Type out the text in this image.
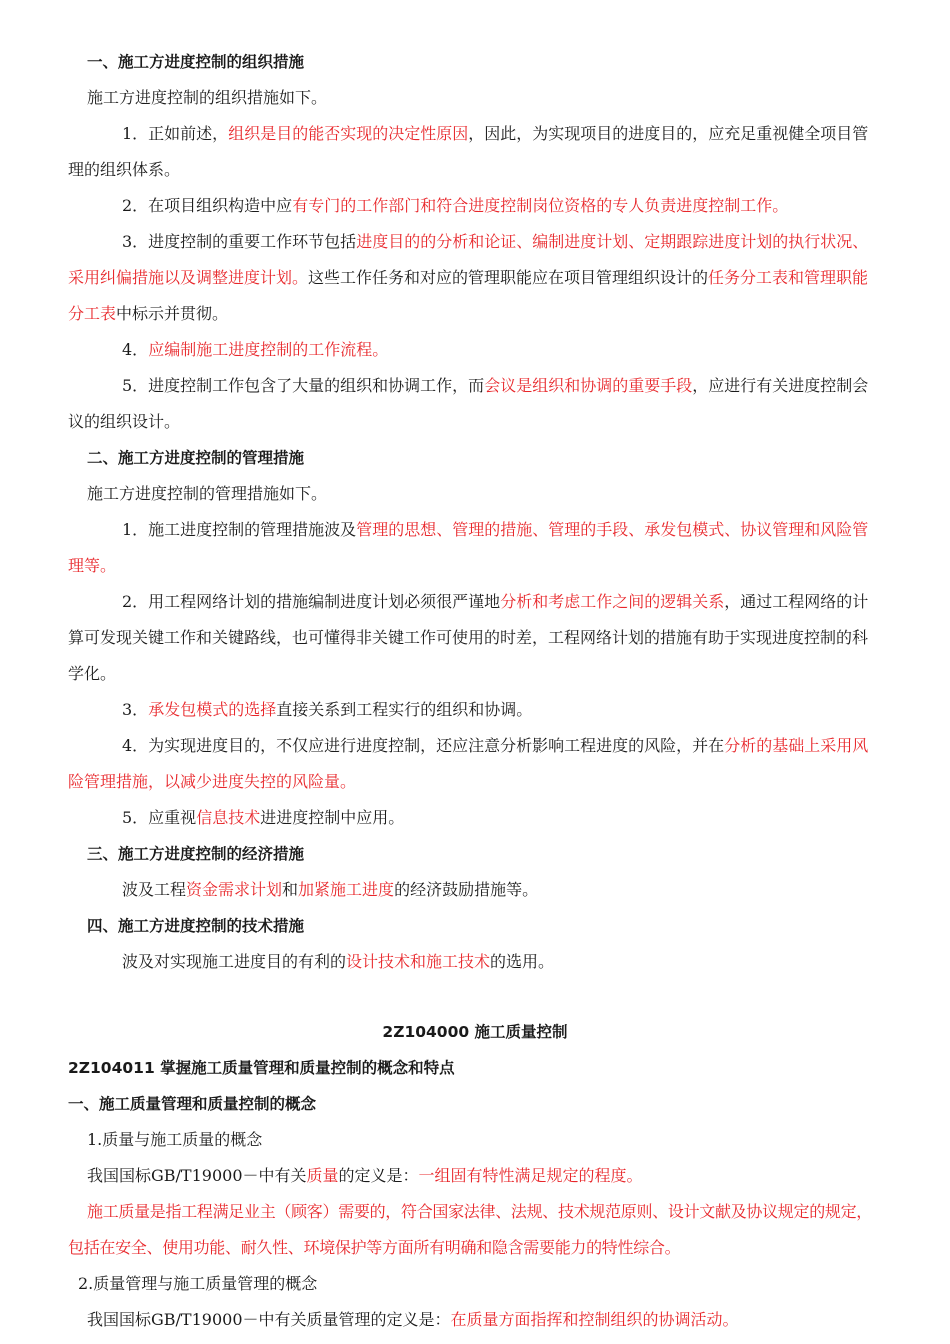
一、施工方进度控制的组织措施
施工方进度控制的组织措施如下。
1．正如前述，组织是目的能否实现的决定性原因，因此，为实现项目的进度目的，应充足重视健全项目管理的组织体系。
2．在项目组织构造中应有专门的工作部门和符合进度控制岗位资格的专人负责进度控制工作。
3．进度控制的重要工作环节包括进度目的的分析和论证、编制进度计划、定期跟踪进度计划的执行状况、采用纠偏措施以及调整进度计划。这些工作任务和对应的管理职能应在项目管理组织设计的任务分工表和管理职能分工表中标示并贯彻。
4．应编制施工进度控制的工作流程。
5．进度控制工作包含了大量的组织和协调工作，而会议是组织和协调的重要手段，应进行有关进度控制会议的组织设计。
二、施工方进度控制的管理措施
施工方进度控制的管理措施如下。
1．施工进度控制的管理措施波及管理的思想、管理的措施、管理的手段、承发包模式、协议管理和风险管理等。
2．用工程网络计划的措施编制进度计划必须很严谨地分析和考虑工作之间的逻辑关系，通过工程网络的计算可发现关键工作和关键路线，也可懂得非关键工作可使用的时差，工程网络计划的措施有助于实现进度控制的科学化。
3．承发包模式的选择直接关系到工程实行的组织和协调。
4．为实现进度目的，不仅应进行进度控制，还应注意分析影响工程进度的风险，并在分析的基础上采用风险管理措施，以减少进度失控的风险量。
5．应重视信息技术进进度控制中应用。
三、施工方进度控制的经济措施
波及工程资金需求计划和加紧施工进度的经济鼓励措施等。
四、施工方进度控制的技术措施
波及对实现施工进度目的有利的设计技术和施工技术的选用。
2Z104000 施工质量控制
2Z104011 掌握施工质量管理和质量控制的概念和特点
一、施工质量管理和质量控制的概念
1.质量与施工质量的概念
我国国标GB/T19000－中有关质量的定义是：一组固有特性满足规定的程度。
施工质量是指工程满足业主（顾客）需要的，符合国家法律、法规、技术规范原则、设计文献及协议规定的规定，包括在安全、使用功能、耐久性、环境保护等方面所有明确和隐含需要能力的特性综合。
2.质量管理与施工质量管理的概念
我国国标GB/T19000－中有关质量管理的定义是：在质量方面指挥和控制组织的协调活动。
